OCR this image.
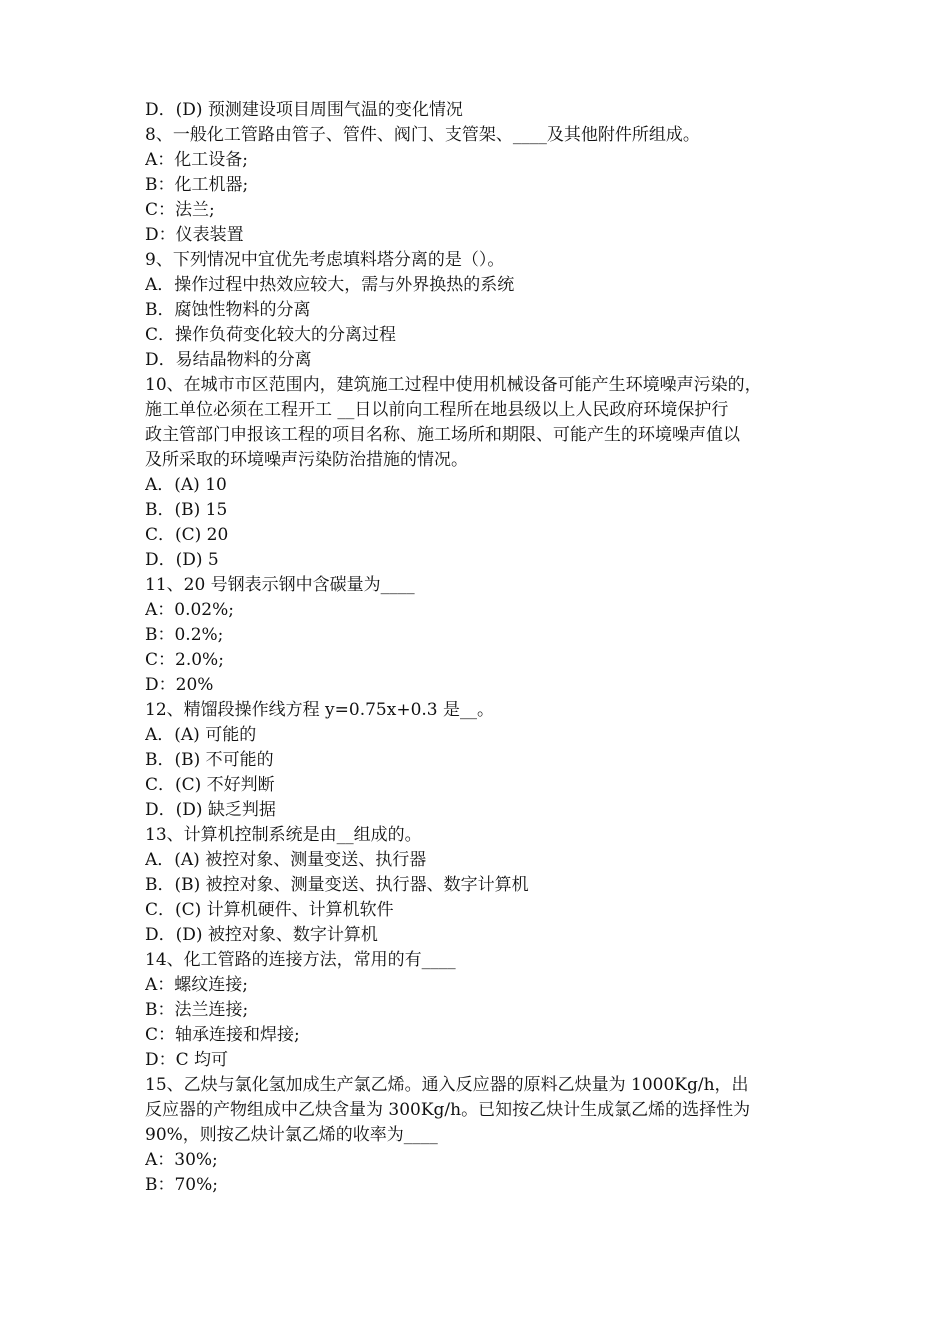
D．(D) 预测建设项目周围气温的变化情况
8、一般化工管路由管子、管件、阀门、支管架、____及其他附件所组成。
A：化工设备;
B：化工机器;
C：法兰;
D：仪表装置
9、下列情况中宜优先考虑填料塔分离的是（）。
A．操作过程中热效应较大，需与外界换热的系统
B．腐蚀性物料的分离
C．操作负荷变化较大的分离过程
D．易结晶物料的分离
10、在城市市区范围内，建筑施工过程中使用机械设备可能产生环境噪声污染的，
施工单位必须在工程开工 __日以前向工程所在地县级以上人民政府环境保护行
政主管部门申报该工程的项目名称、施工场所和期限、可能产生的环境噪声值以
及所采取的环境噪声污染防治措施的情况。
A．(A) 10
B．(B) 15
C．(C) 20
D．(D) 5
11、20 号钢表示钢中含碳量为____
A：0.02%;
B：0.2%;
C：2.0%;
D：20%
12、精馏段操作线方程 y=0.75x+0.3 是__。
A．(A) 可能的
B．(B) 不可能的
C．(C) 不好判断
D．(D) 缺乏判据
13、计算机控制系统是由__组成的。
A．(A) 被控对象、测量变送、执行器
B．(B) 被控对象、测量变送、执行器、数字计算机
C．(C) 计算机硬件、计算机软件
D．(D) 被控对象、数字计算机
14、化工管路的连接方法，常用的有____
A：螺纹连接;
B：法兰连接;
C：轴承连接和焊接;
D：C 均可
15、乙炔与氯化氢加成生产氯乙烯。通入反应器的原料乙炔量为 1000Kg/h，出
反应器的产物组成中乙炔含量为 300Kg/h。已知按乙炔计生成氯乙烯的选择性为
90%，则按乙炔计氯乙烯的收率为____
A：30%;
B：70%;
